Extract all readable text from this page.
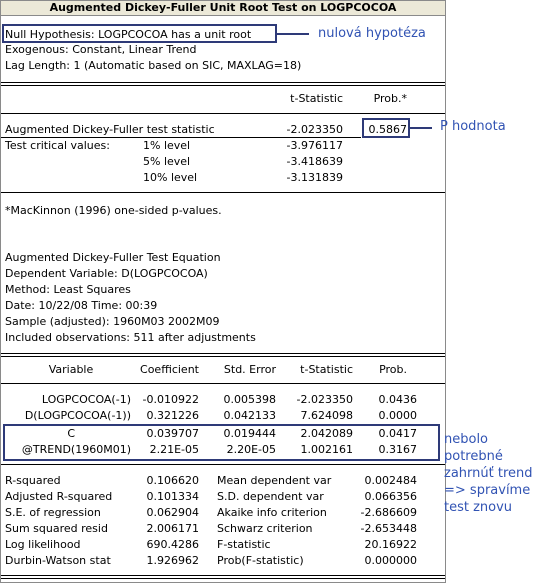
Augmented Dickey-Fuller Unit Root Test on LOGPCOCOA
Null Hypothesis: LOGPCOCOA has a unit root
Exogenous: Constant, Linear Trend
Lag Length: 1 (Automatic based on SIC, MAXLAG=18)
t-Statistic	Prob.*
Augmented Dickey-Fuller test statistic	-2.023350	0.5867
Test critical values:	1% level	-3.976117
5% level	-3.418639
10% level	-3.131839
*MacKinnon (1996) one-sided p-values.
Augmented Dickey-Fuller Test Equation
Dependent Variable: D(LOGPCOCOA)
Method: Least Squares
Date: 10/22/08 Time: 00:39
Sample (adjusted): 1960M03 2002M09
Included observations: 511 after adjustments
Variable	Coefficient	Std. Error	t-Statistic	Prob.
LOGPCOCOA(-1)	-0.010922	0.005398	-2.023350	0.0436
D(LOGPCOCOA(-1))	0.321226	0.042133	7.624098	0.0000
C	0.039707	0.019444	2.042089	0.0417
@TREND(1960M01)	2.21E-05	2.20E-05	1.002161	0.3167
R-squared	0.106620 Mean dependent var	0.002484
Adjusted R-squared	0.101334 S.D. dependent var	0.066356
S.E. of regression	0.062904 Akaike info criterion	-2.686609
Sum squared resid	2.006171 Schwarz criterion	-2.653448
Log likelihood	690.4286 F-statistic	20.16922
Durbin-Watson stat	1.926962 Prob(F-statistic)	0.000000
nulová hypotéza
P hodnota
nebolo
potrebné
zahrnúť trend
=> spravíme
test znovu
